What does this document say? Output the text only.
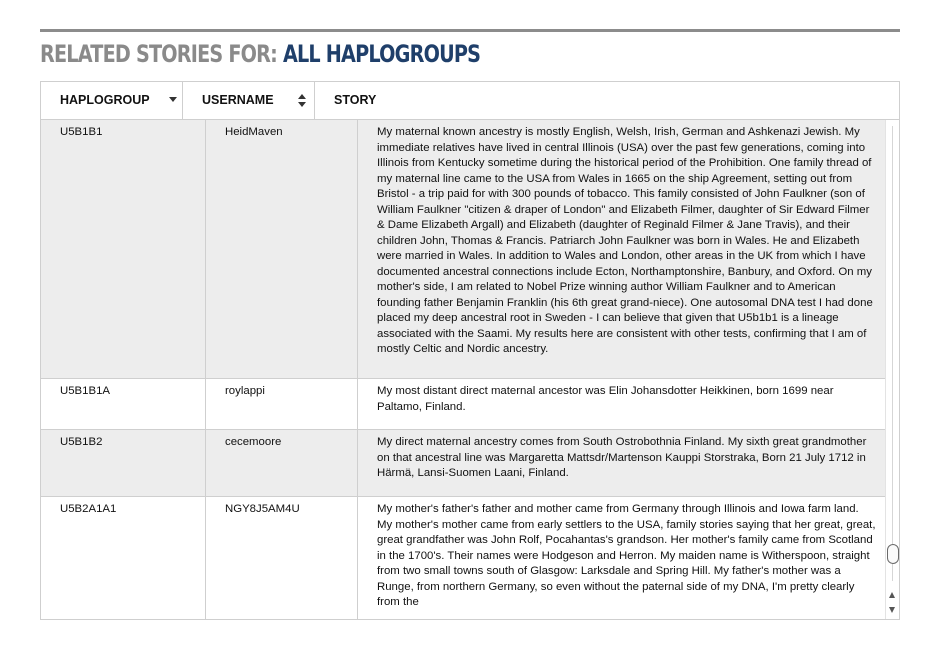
RELATED STORIES FOR: ALL HAPLOGROUPS
HAPLOGROUP	USERNAME	STORY
U5B1B1	HeidMaven	My maternal known ancestry is mostly English, Welsh, Irish, German and Ashkenazi Jewish. My immediate relatives have lived in central Illinois (USA) over the past few generations, coming into Illinois from Kentucky sometime during the historical period of the Prohibition. One family thread of my maternal line came to the USA from Wales in 1665 on the ship Agreement, setting out from Bristol - a trip paid for with 300 pounds of tobacco. This family consisted of John Faulkner (son of William Faulkner "citizen & draper of London" and Elizabeth Filmer, daughter of Sir Edward Filmer & Dame Elizabeth Argall) and Elizabeth (daughter of Reginald Filmer & Jane Travis), and their children John, Thomas & Francis. Patriarch John Faulkner was born in Wales. He and Elizabeth were married in Wales. In addition to Wales and London, other areas in the UK from which I have documented ancestral connections include Ecton, Northamptonshire, Banbury, and Oxford. On my mother's side, I am related to Nobel Prize winning author William Faulkner and to American founding father Benjamin Franklin (his 6th great grand-niece). One autosomal DNA test I had done placed my deep ancestral root in Sweden - I can believe that given that U5b1b1 is a lineage associated with the Saami. My results here are consistent with other tests, confirming that I am of mostly Celtic and Nordic ancestry.
U5B1B1A	roylappi	My most distant direct maternal ancestor was Elin Johansdotter Heikkinen, born 1699 near Paltamo, Finland.
U5B1B2	cecemoore	My direct maternal ancestry comes from South Ostrobothnia Finland. My sixth great grandmother on that ancestral line was Margaretta Mattsdr/Martenson Kauppi Storstraka, Born 21 July 1712 in Härmä, Lansi-Suomen Laani, Finland.
U5B2A1A1	NGY8J5AM4U	My mother's father's father and mother came from Germany through Illinois and Iowa farm land. My mother's mother came from early settlers to the USA, family stories saying that her great, great, great grandfather was John Rolf, Pocahantas's grandson. Her mother's family came from Scotland in the 1700's. Their names were Hodgeson and Herron. My maiden name is Witherspoon, straight from two small towns south of Glasgow: Larksdale and Spring Hill. My father's mother was a Runge, from northern Germany, so even without the paternal side of my DNA, I'm pretty clearly from the
